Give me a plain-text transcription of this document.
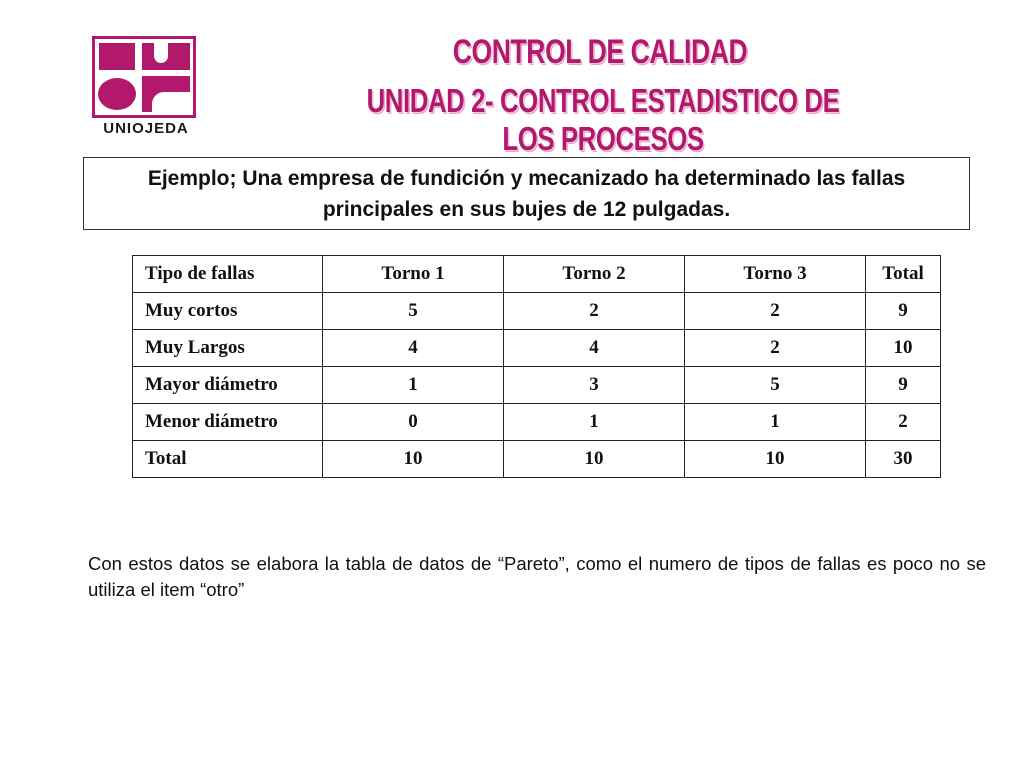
UNIOJEDA
CONTROL DE CALIDAD
UNIDAD 2- CONTROL ESTADISTICO DE LOS PROCESOS
Ejemplo; Una empresa de fundición y mecanizado ha determinado las fallas principales en sus bujes de 12 pulgadas.
Tipo de fallas	Torno 1	Torno 2	Torno 3	Total
Muy cortos	5	2	2	9
Muy Largos	4	4	2	10
Mayor diámetro	1	3	5	9
Menor diámetro	0	1	1	2
Total	10	10	10	30
Con estos datos se elabora la tabla de datos de “Pareto”, como el numero de tipos de fallas es poco no se utiliza el item “otro”
